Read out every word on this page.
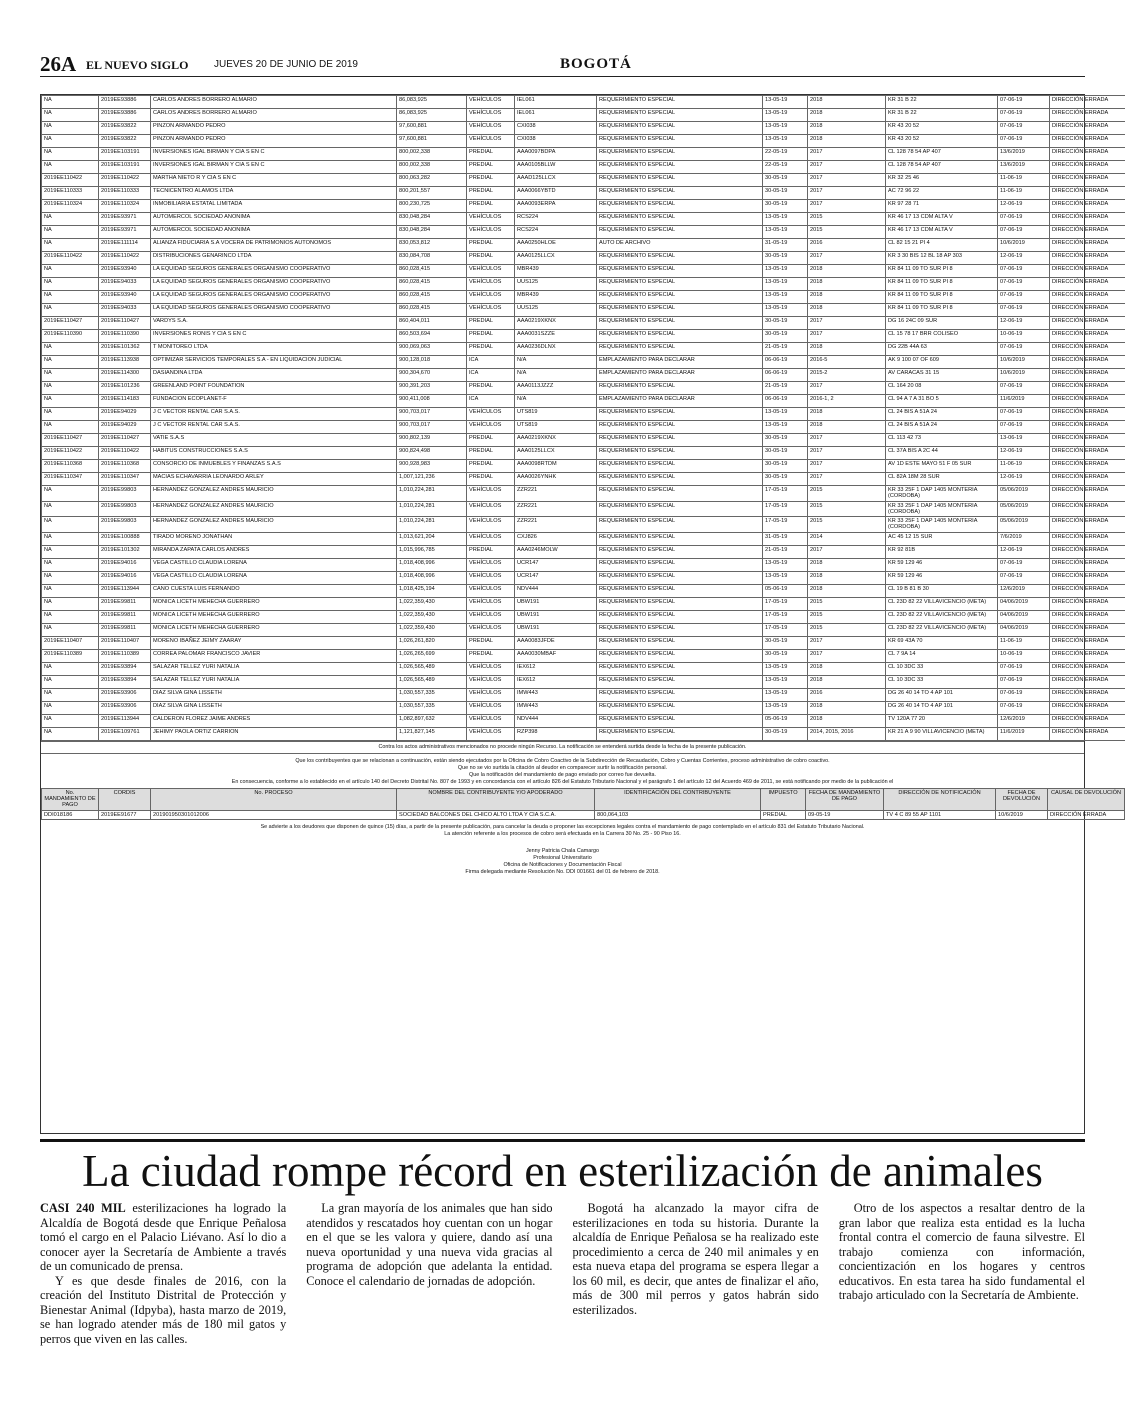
26A EL NUEVO SIGLO	JUEVES 20 DE JUNIO DE 2019	BOGOTÁ
NA	2019EE93886	CARLOS ANDRES BORRERO ALMARIO	86,083,925	VEHÍCULOS	IEL061	REQUERIMIENTO ESPECIAL	13-05-19	2018	KR 31 B 22	07-06-19	DIRECCIÓN ERRADA
NA	2019EE93886	CARLOS ANDRES BORRERO ALMARIO	86,083,925	VEHÍCULOS	IEL061	REQUERIMIENTO ESPECIAL	13-05-19	2018	KR 31 B 22	07-06-19	DIRECCIÓN ERRADA
NA	2019EE93822	PINZON ARMANDO PEDRO	97,600,881	VEHÍCULOS	CXI038	REQUERIMIENTO ESPECIAL	13-05-19	2018	KR 43 20 52	07-06-19	DIRECCIÓN ERRADA
NA	2019EE93822	PINZON ARMANDO PEDRO	97,600,881	VEHÍCULOS	CXI038	REQUERIMIENTO ESPECIAL	13-05-19	2018	KR 43 20 52	07-06-19	DIRECCIÓN ERRADA
NA	2019EE103191	INVERSIONES IGAL BIRMAN Y CIA S EN C	800,002,338	PREDIAL	AAA0097BDPA	REQUERIMIENTO ESPECIAL	22-05-19	2017	CL 128 78 54 AP 407	13/6/2019	DIRECCIÓN ERRADA
NA	2019EE103191	INVERSIONES IGAL BIRMAN Y CIA S EN C	800,002,338	PREDIAL	AAA0105BLLW	REQUERIMIENTO ESPECIAL	22-05-19	2017	CL 128 78 54 AP 407	13/6/2019	DIRECCIÓN ERRADA
2019EE110422	2019EE110422	MARTHA NIETO R Y CIA S EN C	800,063,282	PREDIAL	AAAD125LLCX	REQUERIMIENTO ESPECIAL	30-05-19	2017	KR 32 25 46	11-06-19	DIRECCIÓN ERRADA
2019EE110333	2019EE110333	TECNICENTRO ALAMOS LTDA	800,201,557	PREDIAL	AAA0066YBTD	REQUERIMIENTO ESPECIAL	30-05-19	2017	AC 72 96 22	11-06-19	DIRECCIÓN ERRADA
2019EE110324	2019EE110324	INMOBILIARIA ESTATAL LIMITADA	800,230,725	PREDIAL	AAA0093ERPA	REQUERIMIENTO ESPECIAL	30-05-19	2017	KR 97 28 71	12-06-19	DIRECCIÓN ERRADA
NA	2019EE93971	AUTOMERCOL SOCIEDAD ANONIMA	830,048,284	VEHÍCULOS	RCS224	REQUERIMIENTO ESPECIAL	13-05-19	2015	KR 46 17 13 CDM ALTA V	07-06-19	DIRECCIÓN ERRADA
NA	2019EE93971	AUTOMERCOL SOCIEDAD ANONIMA	830,048,284	VEHÍCULOS	RCS224	REQUERIMIENTO ESPECIAL	13-05-19	2015	KR 46 17 13 CDM ALTA V	07-06-19	DIRECCIÓN ERRADA
NA	2019EE111114	ALIANZA FIDUCIARIA S.A VOCERA DE PATRIMONIOS AUTONOMOS	830,053,812	PREDIAL	AAA0250HLOE	AUTO DE ARCHIVO	31-05-19	2016	CL 82 15 21 PI 4	10/6/2019	DIRECCIÓN ERRADA
2019EE110422	2019EE110422	DISTRIBUCIONES GENARINCO LTDA	830,084,708	PREDIAL	AAA0125LLCX	REQUERIMIENTO ESPECIAL	30-05-19	2017	KR 3 30 BIS 12 BL 18 AP 303	12-06-19	DIRECCIÓN ERRADA
NA	2019EE93940	LA EQUIDAD SEGUROS GENERALES ORGANISMO COOPERATIVO	860,028,415	VEHÍCULOS	MBR439	REQUERIMIENTO ESPECIAL	13-05-19	2018	KR 84 11 09 TO SUR PI 8	07-06-19	DIRECCIÓN ERRADA
NA	2019EE94033	LA EQUIDAD SEGUROS GENERALES ORGANISMO COOPERATIVO	860,028,415	VEHÍCULOS	UUS125	REQUERIMIENTO ESPECIAL	13-05-19	2018	KR 84 11 09 TO SUR PI 8	07-06-19	DIRECCIÓN ERRADA
NA	2019EE93940	LA EQUIDAD SEGUROS GENERALES ORGANISMO COOPERATIVO	860,028,415	VEHÍCULOS	MBR439	REQUERIMIENTO ESPECIAL	13-05-19	2018	KR 84 11 09 TO SUR PI 8	07-06-19	DIRECCIÓN ERRADA
NA	2019EE94033	LA EQUIDAD SEGUROS GENERALES ORGANISMO COOPERATIVO	860,028,415	VEHÍCULOS	UUS125	REQUERIMIENTO ESPECIAL	13-05-19	2018	KR 84 11 09 TO SUR PI 8	07-06-19	DIRECCIÓN ERRADA
2019EE110427	2019EE110427	VARDYS S.A.	860,404,011	PREDIAL	AAA0219XKNX	REQUERIMIENTO ESPECIAL	30-05-19	2017	DG 16 24C 09 SUR	12-06-19	DIRECCIÓN ERRADA
2019EE110390	2019EE110390	INVERSIONES RONIS Y CIA S EN C	860,503,694	PREDIAL	AAA0031SZZE	REQUERIMIENTO ESPECIAL	30-05-19	2017	CL 15 78 17 BRR COLISEO	10-06-19	DIRECCIÓN ERRADA
NA	2019EE101362	T MONITOREO LTDA	900,069,063	PREDIAL	AAA0236DLNX	REQUERIMIENTO ESPECIAL	21-05-19	2018	DG 22B 44A 63	07-06-19	DIRECCIÓN ERRADA
NA	2019EE113938	OPTIMIZAR SERVICIOS TEMPORALES S.A - EN LIQUIDACION JUDICIAL	900,128,018	ICA	N/A	EMPLAZAMIENTO PARA DECLARAR	06-06-19	2016-5	AK 9 100 07 OF 609	10/6/2019	DIRECCIÓN ERRADA
NA	2019EE114300	DASIANDINA LTDA	900,304,670	ICA	N/A	EMPLAZAMIENTO PARA DECLARAR	06-06-19	2015-2	AV CARACAS 31 15	10/6/2019	DIRECCIÓN ERRADA
NA	2019EE101236	GREENLAND POINT FOUNDATION	900,391,203	PREDIAL	AAA0113JZZZ	REQUERIMIENTO ESPECIAL	21-05-19	2017	CL 164 20 08	07-06-19	DIRECCIÓN ERRADA
NA	2019EE114183	FUNDACION ECOPLANET-F	900,411,008	ICA	N/A	EMPLAZAMIENTO PARA DECLARAR	06-06-19	2016-1, 2	CL 94 A 7 A 31 BO 5	11/6/2019	DIRECCIÓN ERRADA
NA	2019EE94029	J C VECTOR RENTAL CAR S.A.S.	900,703,017	VEHÍCULOS	UTS819	REQUERIMIENTO ESPECIAL	13-05-19	2018	CL 24 BIS A 51A 24	07-06-19	DIRECCIÓN ERRADA
NA	2019EE94029	J C VECTOR RENTAL CAR S.A.S.	900,703,017	VEHÍCULOS	UTS819	REQUERIMIENTO ESPECIAL	13-05-19	2018	CL 24 BIS A 51A 24	07-06-19	DIRECCIÓN ERRADA
2019EE110427	2019EE110427	VATIE S.A.S	900,802,139	PREDIAL	AAA0219XKNX	REQUERIMIENTO ESPECIAL	30-05-19	2017	CL 113 42 73	13-06-19	DIRECCIÓN ERRADA
2019EE110422	2019EE110422	HABITUS CONSTRUCCIONES S.A.S	900,824,498	PREDIAL	AAA0125LLCX	REQUERIMIENTO ESPECIAL	30-05-19	2017	CL 37A BIS A 2C 44	12-06-19	DIRECCIÓN ERRADA
2019EE110368	2019EE110368	CONSORCIO DE INMUEBLES Y FINANZAS S.A.S	900,928,983	PREDIAL	AAA0098RTDM	REQUERIMIENTO ESPECIAL	30-05-19	2017	AV 1D ESTE MAYO 51 F 05 SUR	11-06-19	DIRECCIÓN ERRADA
2019EE110347	2019EE110347	MACIAS ECHAVARRIA LEONARDO ARLEY	1,007,121,236	PREDIAL	AAA0026YNHK	REQUERIMIENTO ESPECIAL	30-05-19	2017	CL 82A 18M 28 SUR	12-06-19	DIRECCIÓN ERRADA
NA	2019EE99803	HERNANDEZ GONZALEZ ANDRES MAURICIO	1,010,224,281	VEHÍCULOS	ZZR221	REQUERIMIENTO ESPECIAL	17-05-19	2015	KR 33 25F 1 DAP 1405 MONTERIA (CORDOBA)	05/06/2019	DIRECCIÓN ERRADA
NA	2019EE99803	HERNANDEZ GONZALEZ ANDRES MAURICIO	1,010,224,281	VEHÍCULOS	ZZR221	REQUERIMIENTO ESPECIAL	17-05-19	2015	KR 33 25F 1 DAP 1405 MONTERIA (CORDOBA)	05/06/2019	DIRECCIÓN ERRADA
NA	2019EE99803	HERNANDEZ GONZALEZ ANDRES MAURICIO	1,010,224,281	VEHÍCULOS	ZZR221	REQUERIMIENTO ESPECIAL	17-05-19	2015	KR 33 25F 1 DAP 1405 MONTERIA (CORDOBA)	05/06/2019	DIRECCIÓN ERRADA
NA	2019EE100888	TIRADO MORENO JONATHAN	1,013,621,204	VEHÍCULOS	CXJ826	REQUERIMIENTO ESPECIAL	31-05-19	2014	AC 45 12 15 SUR	7/6/2019	DIRECCIÓN ERRADA
NA	2019EE101302	MIRANDA ZAPATA CARLOS ANDRES	1,015,996,785	PREDIAL	AAA0246MOLW	REQUERIMIENTO ESPECIAL	21-05-19	2017	KR 92 81B	12-06-19	DIRECCIÓN ERRADA
NA	2019EE94016	VEGA CASTILLO CLAUDIA LORENA	1,018,408,996	VEHÍCULOS	UCR147	REQUERIMIENTO ESPECIAL	13-05-19	2018	KR 59 129 46	07-06-19	DIRECCIÓN ERRADA
NA	2019EE94016	VEGA CASTILLO CLAUDIA LORENA	1,018,408,996	VEHÍCULOS	UCR147	REQUERIMIENTO ESPECIAL	13-05-19	2018	KR 59 129 46	07-06-19	DIRECCIÓN ERRADA
NA	2019EE113944	CANO CUESTA LUIS FERNANDO	1,018,425,194	VEHÍCULOS	NDV444	REQUERIMIENTO ESPECIAL	05-06-19	2018	CL 19 B 81 B 30	12/6/2019	DIRECCIÓN ERRADA
NA	2019EE99811	MONICA LICETH MEHECHA GUERRERO	1,022,359,430	VEHÍCULOS	UBW191	REQUERIMIENTO ESPECIAL	17-05-19	2015	CL 23D 82 22 VILLAVICENCIO (META)	04/06/2019	DIRECCIÓN ERRADA
NA	2019EE99811	MONICA LICETH MEHECHA GUERRERO	1,022,359,430	VEHÍCULOS	UBW191	REQUERIMIENTO ESPECIAL	17-05-19	2015	CL 23D 82 22 VILLAVICENCIO (META)	04/06/2019	DIRECCIÓN ERRADA
NA	2019EE99811	MONICA LICETH MEHECHA GUERRERO	1,022,359,430	VEHÍCULOS	UBW191	REQUERIMIENTO ESPECIAL	17-05-19	2015	CL 23D 82 22 VILLAVICENCIO (META)	04/06/2019	DIRECCIÓN ERRADA
2019EE110407	2019EE110407	MORENO IBAÑEZ JEIMY ZAARAY	1,026,261,820	PREDIAL	AAA0083JFDE	REQUERIMIENTO ESPECIAL	30-05-19	2017	KR 69 43A 70	11-06-19	DIRECCIÓN ERRADA
2019EE110389	2019EE110389	CORREA PALOMAR FRANCISCO JAVIER	1,026,265,699	PREDIAL	AAA0030MBAF	REQUERIMIENTO ESPECIAL	30-05-19	2017	CL 7 9A 14	10-06-19	DIRECCIÓN ERRADA
NA	2019EE93894	SALAZAR TELLEZ YURI NATALIA	1,026,565,489	VEHÍCULOS	IEX612	REQUERIMIENTO ESPECIAL	13-05-19	2018	CL 10 3DC 33	07-06-19	DIRECCIÓN ERRADA
NA	2019EE93894	SALAZAR TELLEZ YURI NATALIA	1,026,565,489	VEHÍCULOS	IEX612	REQUERIMIENTO ESPECIAL	13-05-19	2018	CL 10 3DC 33	07-06-19	DIRECCIÓN ERRADA
NA	2019EE93906	DIAZ SILVA GINA LISSETH	1,030,557,335	VEHÍCULOS	IMW443	REQUERIMIENTO ESPECIAL	13-05-19	2016	DG 26 40 14 TO 4 AP 101	07-06-19	DIRECCIÓN ERRADA
NA	2019EE93906	DIAZ SILVA GINA LISSETH	1,030,557,335	VEHÍCULOS	IMW443	REQUERIMIENTO ESPECIAL	13-05-19	2018	DG 26 40 14 TO 4 AP 101	07-06-19	DIRECCIÓN ERRADA
NA	2019EE113944	CALDERON FLOREZ JAIME ANDRES	1,082,897,632	VEHÍCULOS	NDV444	REQUERIMIENTO ESPECIAL	05-06-19	2018	TV 120A 77 20	12/6/2019	DIRECCIÓN ERRADA
NA	2019EE109761	JEHIMY PAOLA ORTIZ CARRION	1,121,827,145	VEHÍCULOS	RZP398	REQUERIMIENTO ESPECIAL	30-05-19	2014, 2015, 2016	KR 21 A 9 90 VILLAVICENCIO (META)	11/6/2019	DIRECCIÓN ERRADA

Contra los actos administrativos mencionados no procede ningún Recurso. La notificación se entenderá surtida desde la fecha de la presente publicación.

Que los contribuyentes que se relacionan a continuación, están siendo ejecutados por la Oficina de Cobro Coactivo de la Subdirección de Recaudación, Cobro y Cuentas Corrientes, proceso administrativo de cobro coactivo.

Que no se vio surtida la citación al deudor en comparecer surtir la notificación personal.

Que la notificación del mandamiento de pago enviado por correo fue devuelta.

En consecuencia, conforme a lo establecido en el artículo 140 del Decreto Distrital No. 807 de 1993 y en concordancia con el artículo 826 del Estatuto Tributario Nacional y el parágrafo 1 del artículo 12 del Acuerdo 469 de 2011, se está notificando por medio de la publicación el

No. MANDAMIENTO DE PAGO	CORDIS	No. PROCESO	NOMBRE DEL CONTRIBUYENTE Y/O APODERADO	IDENTIFICACIÓN DEL CONTRIBUYENTE	IMPUESTO	FECHA DE MANDAMIENTO DE PAGO	DIRECCIÓN DE NOTIFICACIÓN	FECHA DE DEVOLUCIÓN	CAUSAL DE DEVOLUCIÓN
DDI018186	2019EE91677	201901950301012006	SOCIEDAD BALCONES DEL CHICO ALTO LTDA Y CIA S.C.A.	800,064,103	PREDIAL	09-05-19	TV 4 C 89 55 AP 1101	10/6/2019	DIRECCIÓN ERRADA

Se advierte a los deudores que disponen de quince (15) días, a partir de la presente publicación, para cancelar la deuda o proponer las excepciones legales contra el mandamiento de pago contemplado en el artículo 831 del Estatuto Tributario Nacional.

La atención referente a los procesos de cobro será efectuada en la Carrera 30 No. 25 - 90 Piso 16.

Jenny Patricia Chala Camargo

Profesional Universitario

Oficina de Notificaciones y Documentación Fiscal

Firma delegada mediante Resolución No. DDI 001661 del 01 de febrero de 2018.

La ciudad rompe récord en esterilización de animales

CASI 240 MIL esterilizaciones ha logrado la Alcaldía de Bogotá desde que Enrique Peñalosa tomó el cargo en el Palacio Liévano. Así lo dio a conocer ayer la Secretaría de Ambiente a través de un comunicado de prensa.

Y es que desde finales de 2016, con la creación del Instituto Distrital de Protección y Bienestar Animal (Idpyba), hasta marzo de 2019, se han logrado atender más de 180 mil gatos y perros que viven en las calles.

La gran mayoría de los animales que han sido atendidos y rescatados hoy cuentan con un hogar en el que se les valora y quiere, dando así una nueva oportunidad y una nueva vida gracias al programa de adopción que adelanta la entidad. Conoce el calendario de jornadas de adopción.

Bogotá ha alcanzado la mayor cifra de esterilizaciones en toda su historia. Durante la alcaldía de Enrique Peñalosa se ha realizado este procedimiento a cerca de 240 mil animales y en esta nueva etapa del programa se espera llegar a los 60 mil, es decir, que antes de finalizar el año, más de 300 mil perros y gatos habrán sido esterilizados.

Otro de los aspectos a resaltar dentro de la gran labor que realiza esta entidad es la lucha frontal contra el comercio de fauna silvestre. El trabajo comienza con información, concientización en los hogares y centros educativos. En esta tarea ha sido fundamental el trabajo articulado con la Secretaría de Ambiente.
